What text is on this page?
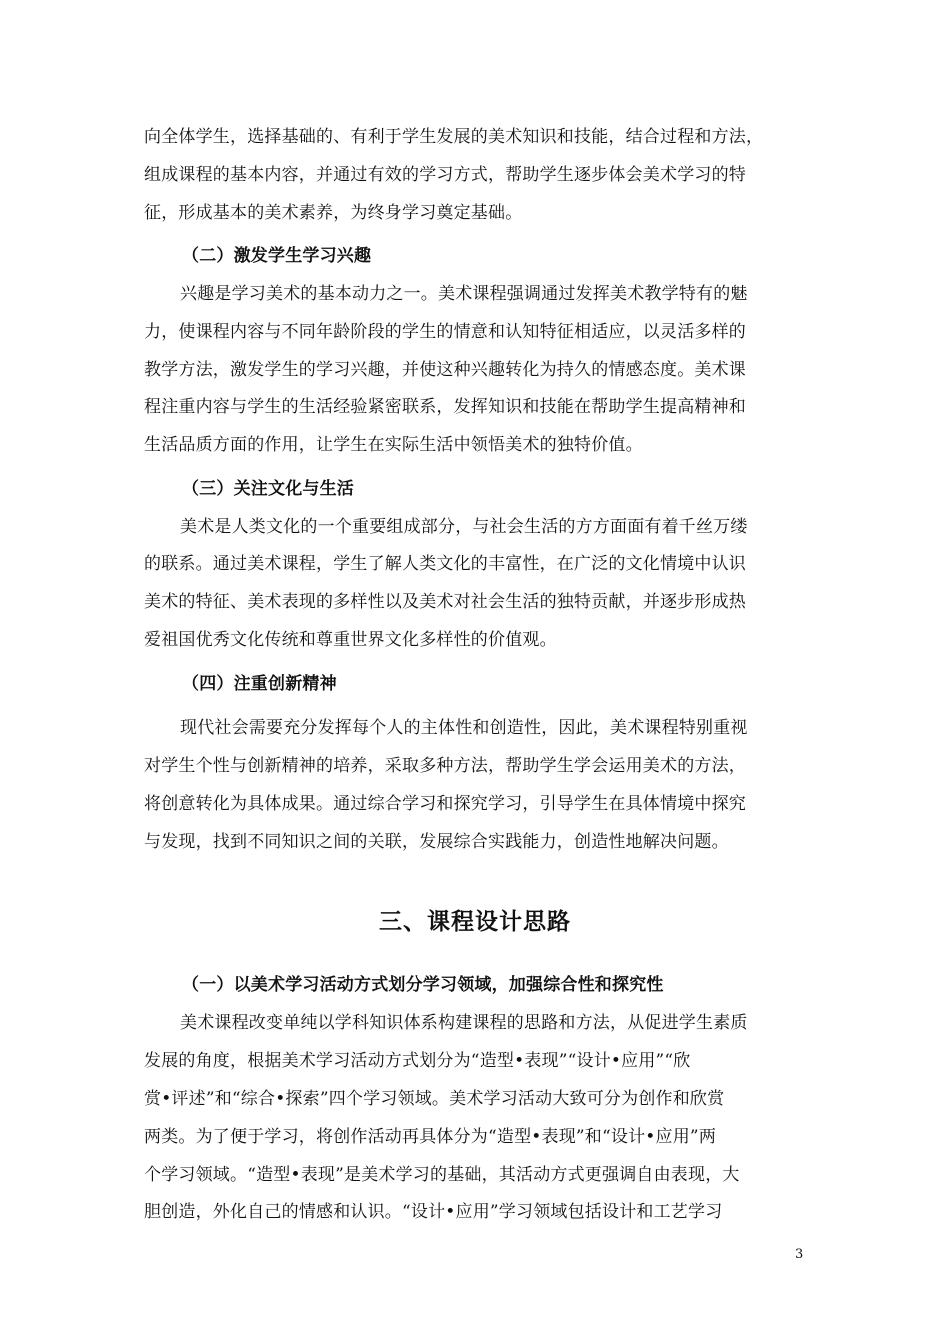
向全体学生，选择基础的、有利于学生发展的美术知识和技能，结合过程和方法，
组成课程的基本内容，并通过有效的学习方式，帮助学生逐步体会美术学习的特
征，形成基本的美术素养，为终身学习奠定基础。
（二）激发学生学习兴趣
兴趣是学习美术的基本动力之一。美术课程强调通过发挥美术教学特有的魅
力，使课程内容与不同年龄阶段的学生的情意和认知特征相适应，以灵活多样的
教学方法，激发学生的学习兴趣，并使这种兴趣转化为持久的情感态度。美术课
程注重内容与学生的生活经验紧密联系，发挥知识和技能在帮助学生提高精神和
生活品质方面的作用，让学生在实际生活中领悟美术的独特价值。
（三）关注文化与生活
美术是人类文化的一个重要组成部分，与社会生活的方方面面有着千丝万缕
的联系。通过美术课程，学生了解人类文化的丰富性，在广泛的文化情境中认识
美术的特征、美术表现的多样性以及美术对社会生活的独特贡献，并逐步形成热
爱祖国优秀文化传统和尊重世界文化多样性的价值观。
（四）注重创新精神
现代社会需要充分发挥每个人的主体性和创造性，因此，美术课程特别重视
对学生个性与创新精神的培养，采取多种方法，帮助学生学会运用美术的方法，
将创意转化为具体成果。通过综合学习和探究学习，引导学生在具体情境中探究
与发现，找到不同知识之间的关联，发展综合实践能力，创造性地解决问题。
三、课程设计思路
（一）以美术学习活动方式划分学习领域，加强综合性和探究性
美术课程改变单纯以学科知识体系构建课程的思路和方法，从促进学生素质
发展的角度，根据美术学习活动方式划分为“造型•表现”“设计•应用”“欣
赏•评述”和“综合•探索”四个学习领域。美术学习活动大致可分为创作和欣赏
两类。为了便于学习，将创作活动再具体分为“造型•表现”和“设计•应用”两
个学习领域。“造型•表现”是美术学习的基础，其活动方式更强调自由表现，大
胆创造，外化自己的情感和认识。“设计•应用”学习领域包括设计和工艺学习
3
